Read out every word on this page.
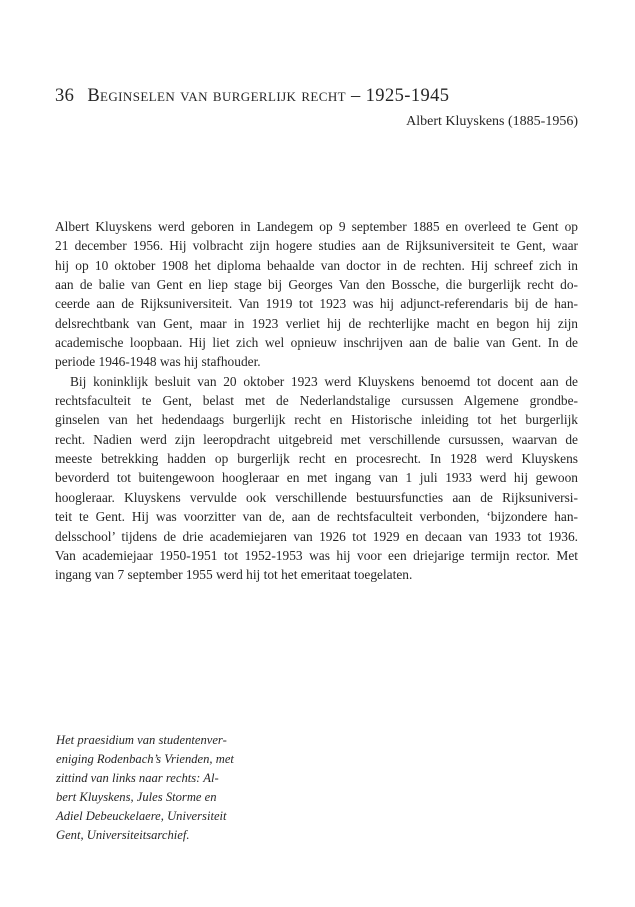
36 Beginselen van burgerlijk recht – 1925-1945
Albert Kluyskens (1885-1956)

Albert Kluyskens werd geboren in Landegem op 9 september 1885 en overleed te Gent op
21 december 1956. Hij volbracht zijn hogere studies aan de Rijksuniversiteit te Gent, waar
hij op 10 oktober 1908 het diploma behaalde van doctor in de rechten. Hij schreef zich in
aan de balie van Gent en liep stage bij Georges Van den Bossche, die burgerlijk recht do-
ceerde aan de Rijksuniversiteit. Van 1919 tot 1923 was hij adjunct-referendaris bij de han-
delsrechtbank van Gent, maar in 1923 verliet hij de rechterlijke macht en begon hij zijn
academische loopbaan. Hij liet zich wel opnieuw inschrijven aan de balie van Gent. In de
periode 1946-1948 was hij stafhouder.

Bij koninklijk besluit van 20 oktober 1923 werd Kluyskens benoemd tot docent aan de
rechtsfaculteit te Gent, belast met de Nederlandstalige cursussen Algemene grondbe-
ginselen van het hedendaags burgerlijk recht en Historische inleiding tot het burgerlijk
recht. Nadien werd zijn leeropdracht uitgebreid met verschillende cursussen, waarvan de
meeste betrekking hadden op burgerlijk recht en procesrecht. In 1928 werd Kluyskens
bevorderd tot buitengewoon hoogleraar en met ingang van 1 juli 1933 werd hij gewoon
hoogleraar. Kluyskens vervulde ook verschillende bestuursfuncties aan de Rijksuniversi-
teit te Gent. Hij was voorzitter van de, aan de rechtsfaculteit verbonden, ‘bijzondere han-
delsschool’ tijdens de drie academiejaren van 1926 tot 1929 en decaan van 1933 tot 1936.
Van academiejaar 1950-1951 tot 1952-1953 was hij voor een driejarige termijn rector. Met
ingang van 7 september 1955 werd hij tot het emeritaat toegelaten.

Het praesidium van studentenver-
eniging Rodenbach’s Vrienden, met
zittind van links naar rechts: Al-
bert Kluyskens, Jules Storme en
Adiel Debeuckelaere, Universiteit
Gent, Universiteitsarchief.
